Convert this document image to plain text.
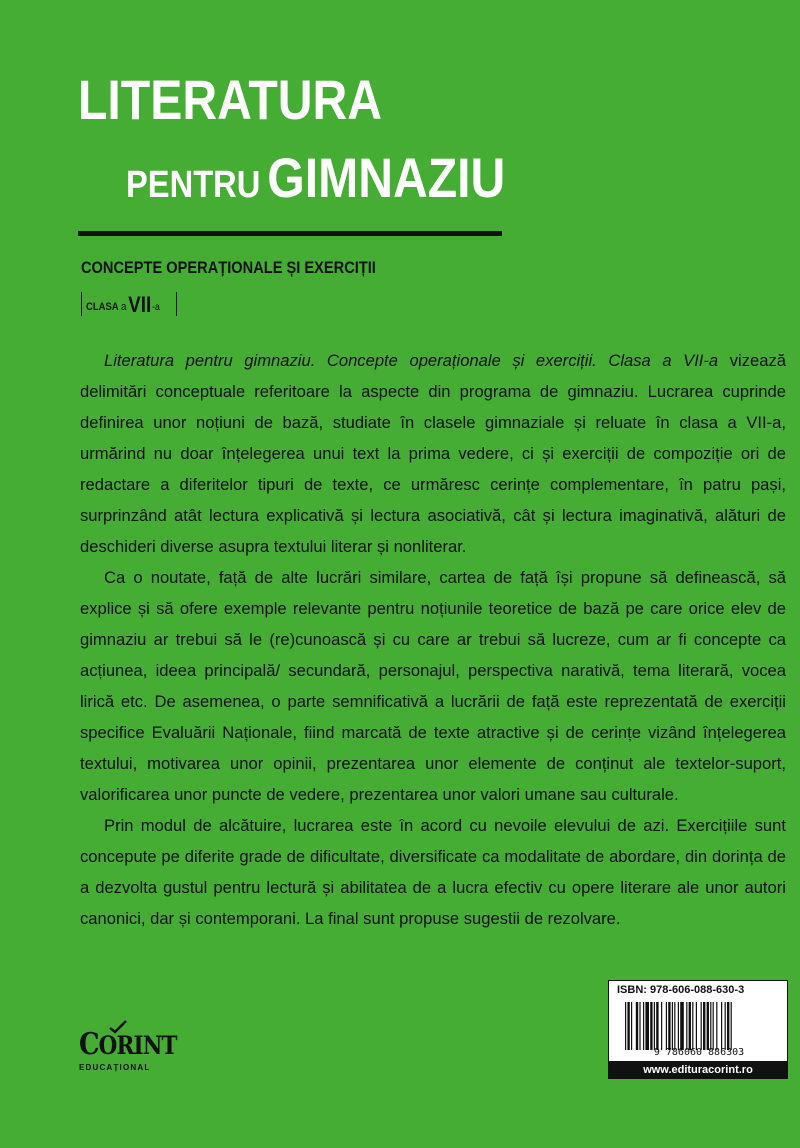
LITERATURA
PENTRU GIMNAZIU
CONCEPTE OPERAȚIONALE ȘI EXERCIȚII
CLASA a VII -a

Literatura pentru gimnaziu. Concepte operaționale și exerciții. Clasa a VII-a vizează delimitări conceptuale referitoare la aspecte din programa de gimnaziu. Lucrarea cuprinde definirea unor noțiuni de bază, studiate în clasele gimnaziale și reluate în clasa a VII-a, urmărind nu doar înțelegerea unui text la prima vedere, ci și exerciții de compoziție ori de redactare a diferitelor tipuri de texte, ce urmăresc cerințe complementare, în patru pași, surprinzând atât lectura explicativă și lectura asociativă, cât și lectura imaginativă, alături de deschideri diverse asupra textului literar și nonliterar.

Ca o noutate, față de alte lucrări similare, cartea de față își propune să definească, să explice și să ofere exemple relevante pentru noțiunile teoretice de bază pe care orice elev de gimnaziu ar trebui să le (re)cunoască și cu care ar trebui să lucreze, cum ar fi concepte ca acțiunea, ideea principală/ secundară, personajul, perspectiva narativă, tema literară, vocea lirică etc. De asemenea, o parte semnificativă a lucrării de față este reprezentată de exerciții specifice Evaluării Naționale, fiind marcată de texte atractive și de cerințe vizând înțelegerea textului, motivarea unor opinii, prezentarea unor elemente de conținut ale textelor-suport, valorificarea unor puncte de vedere, prezentarea unor valori umane sau culturale.

Prin modul de alcătuire, lucrarea este în acord cu nevoile elevului de azi. Exercițiile sunt concepute pe diferite grade de dificultate, diversificate ca modalitate de abordare, din dorința de a dezvolta gustul pentru lectură și abilitatea de a lucra efectiv cu opere literare ale unor autori canonici, dar și contemporani. La final sunt propuse sugestii de rezolvare.

CORINT
EDUCAȚIONAL
ISBN: 978-606-088-630-3
9 786060 886303
www.edituracorint.ro
